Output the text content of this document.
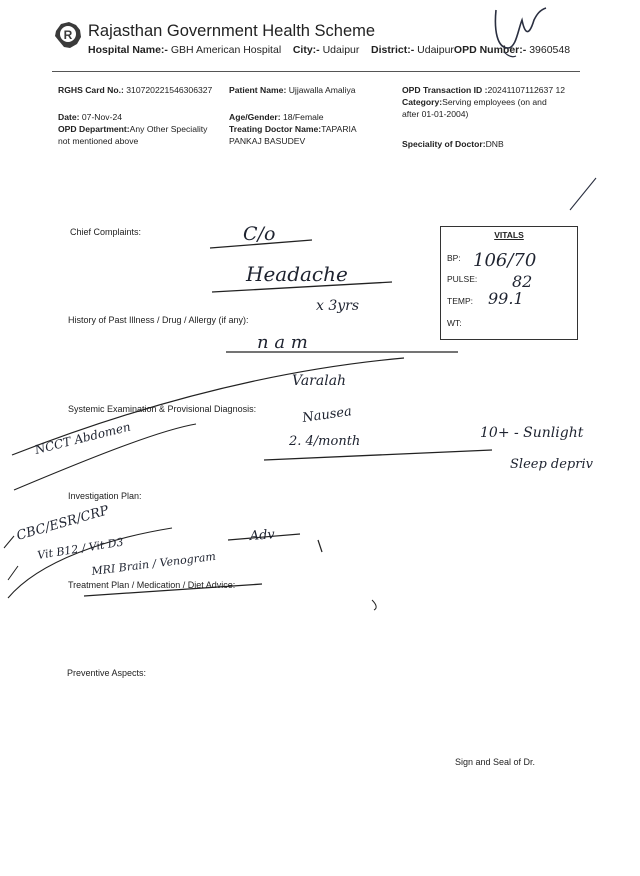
R Rajasthan Government Health Scheme
Hospital Name:- GBH American Hospital City:- Udaipur District:- UdaipurOPD Number:- 3960548
RGHS Card No.: 310720221546306327 Patient Name: Ujjawalla Amaliya	OPD Transaction ID :20241107112637 12
Category:Serving employees (on and
after 01-01-2004)
Date: 07-Nov-24
OPD Department:Any Other Speciality
not mentioned above
Age/Gender: 18/Female
Treating Doctor Name:TAPARIA
PANKAJ BASUDEV	Speciality of Doctor:DNB
Chief Complaints:
History of Past Illness / Drug / Allergy (if any):
Systemic Examination & Provisional Diagnosis:
Investigation Plan:
Treatment Plan / Medication / Diet Advice:
Preventive Aspects:
Sign and Seal of Dr.
VITALS
BP:
PULSE:
TEMP:
WT:
C/o
Headache
x 3yrs
n a m
Varalah
Nausea
2. 4/month
10+ - Sunlight
Sleep depriv
NCCT Abdomen
CBC/ESR/CRP
Vit B12 / Vit D3
MRI Brain / Venogram
Adv
106/70
82
99.1
